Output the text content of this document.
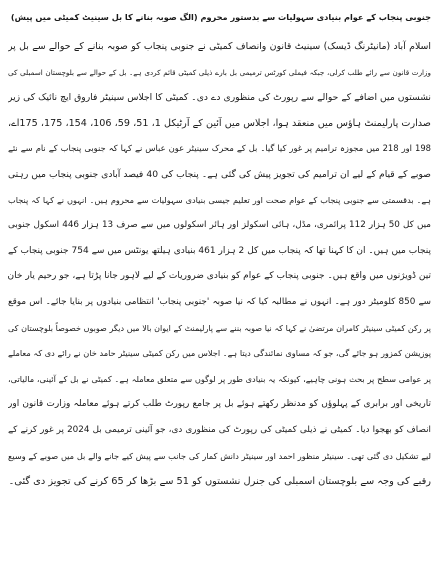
جنوبی پنجاب کے عوام بنیادی سہولیات سے بدستور محروم (الگ صوبہ بنانے کا بل سینیٹ کمیٹی میں پیش)
اسلام آباد (مانیٹرنگ ڈیسک) سینیٹ قانون وانصاف کمیٹی نے جنوبی پنجاب کو صوبہ بنانے کے حوالے سے بل پر
وزارت قانون سے رائے طلب کرلی، جبکہ فیملی کورٹس ترمیمی بل بارے ذیلی کمیٹی قائم کردی ہے۔ بل کے حوالے سے بلوچستان اسمبلی کی
نشستوں میں اضافے کے حوالے سے رپورٹ کی منظوری دے دی۔ کمیٹی کا اجلاس سینیٹر فاروق ایچ نائیک کی زیر
صدارت پارلیمنٹ ہاؤس میں منعقد ہوا، اجلاس میں آئین کے آرٹیکل 1، 51، 59، 106، 154، 175، 175اے،
198 اور 218 میں مجوزہ ترامیم پر غور کیا گیا۔ بل کے محرک سینیٹر عون عباس نے کہا کہ جنوبی پنجاب کے نام سے نئے
صوبے کے قیام کے لیے ان ترامیم کی تجویز پیش کی گئی ہے۔ پنجاب کی 40 فیصد آبادی جنوبی پنجاب میں رہتی
ہے۔ بدقسمتی سے جنوبی پنجاب کے عوام صحت اور تعلیم جیسی بنیادی سہولیات سے محروم ہیں۔ انہوں نے کہا کہ پنجاب
میں کل 50 ہزار 112 پرائمری، مڈل، ہائی اسکولز اور ہائر اسکولوں میں سے صرف 13 ہزار 446 اسکول جنوبی
پنجاب میں ہیں۔ ان کا کہنا تھا کہ پنجاب میں کل 2 ہزار 461 بنیادی ہیلتھ یونٹس میں سے 754 جنوبی پنجاب کے
تین ڈویژنوں میں واقع ہیں۔ جنوبی پنجاب کے عوام کو بنیادی ضروریات کے لیے لاہور جانا پڑتا ہے، جو رحیم یار خان
سے 850 کلومیٹر دور ہے۔ انہوں نے مطالبہ کیا کہ نیا صوبہ 'جنوبی پنجاب' انتظامی بنیادوں پر بنایا جائے۔ اس موقع
پر رکن کمیٹی سینیٹر کامران مرتضیٰ نے کہا کہ نیا صوبہ بننے سے پارلیمنٹ کے ایوان بالا میں دیگر صوبوں خصوصاً بلوچستان کی
پوزیشن کمزور ہو جائے گی، جو کہ مساوی نمائندگی دیتا ہے۔ اجلاس میں رکن کمیٹی سینیٹر حامد خان نے رائے دی کہ معاملے
پر عوامی سطح پر بحث ہونی چاہیے، کیونکہ یہ بنیادی طور پر لوگوں سے متعلق معاملہ ہے۔ کمیٹی نے بل کے آئینی، مالیاتی،
تاریخی اور برابری کے پہلوؤں کو مدنظر رکھتے ہوئے بل پر جامع رپورٹ طلب کرتے ہوئے معاملہ وزارت قانون اور
انصاف کو بھجوا دیا۔ کمیٹی نے ذیلی کمیٹی کی رپورٹ کی منظوری دی، جو آئینی ترمیمی بل 2024 پر غور کرنے کے
لیے تشکیل دی گئی تھی۔ سینیٹر منظور احمد اور سینیٹر دانش کمار کی جانب سے پیش کیے جانے والے بل میں صوبے کے وسیع
رقبے کی وجہ سے بلوچستان اسمبلی کی جنرل نشستوں کو 51 سے بڑھا کر 65 کرنے کی تجویز دی گئی۔
